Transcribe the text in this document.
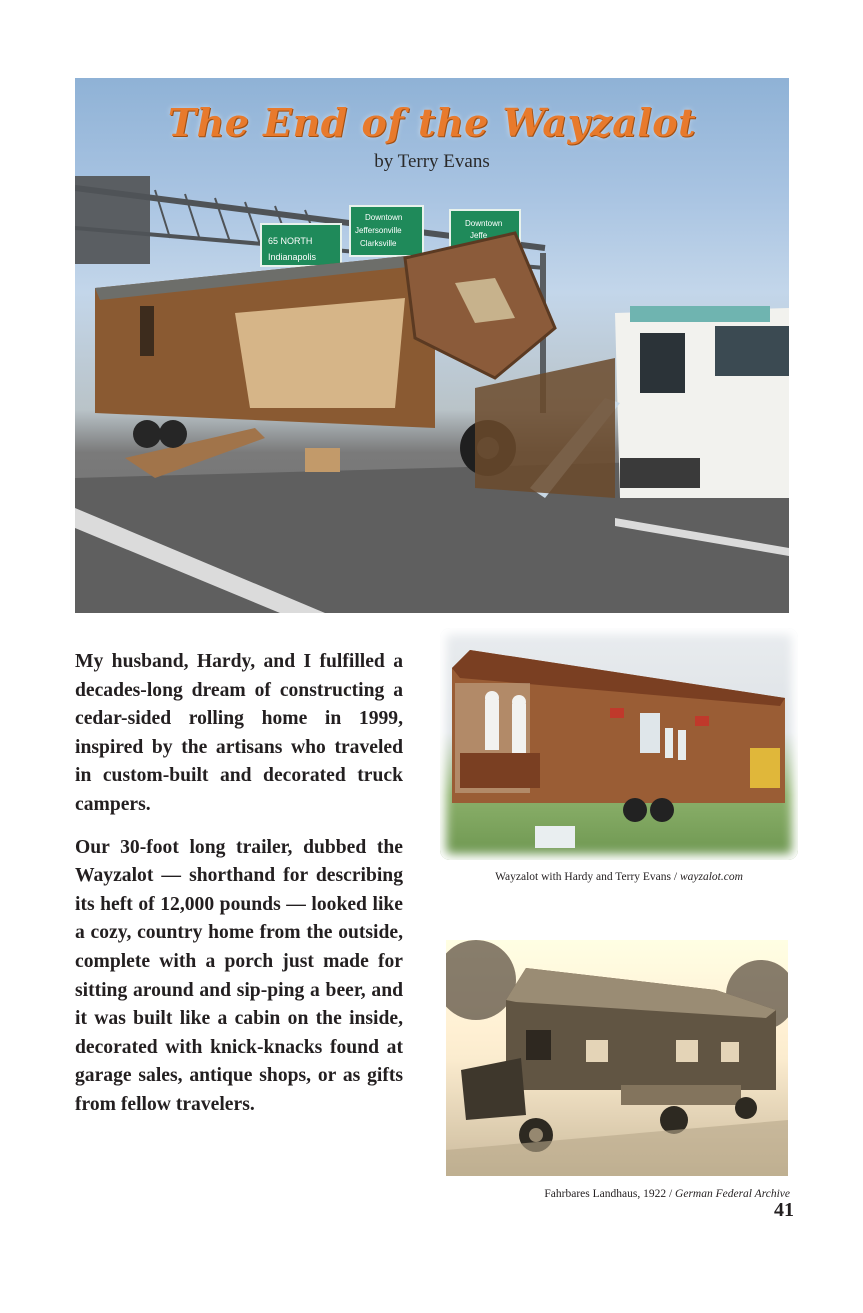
65 NORTH
Indianapolis
Downtown
Jeffersonville
Clarksville
Downtown
Jeffe
The End of the Wayzalot
by Terry Evans

My husband, Hardy, and I fulfilled a decades-long dream of constructing a cedar-sided rolling home in 1999, inspired by the artisans who traveled in custom-built and decorated truck campers.

Our 30-foot long trailer, dubbed the Wayzalot — shorthand for describing its heft of 12,000 pounds — looked like a cozy, country home from the outside, complete with a porch just made for sitting around and sip-ping a beer, and it was built like a cabin on the inside, decorated with knick-knacks found at garage sales, antique shops, or as gifts from fellow travelers.

Wayzalot with Hardy and Terry Evans / wayzalot.com
Fahrbares Landhaus, 1922 / German Federal Archive
41
